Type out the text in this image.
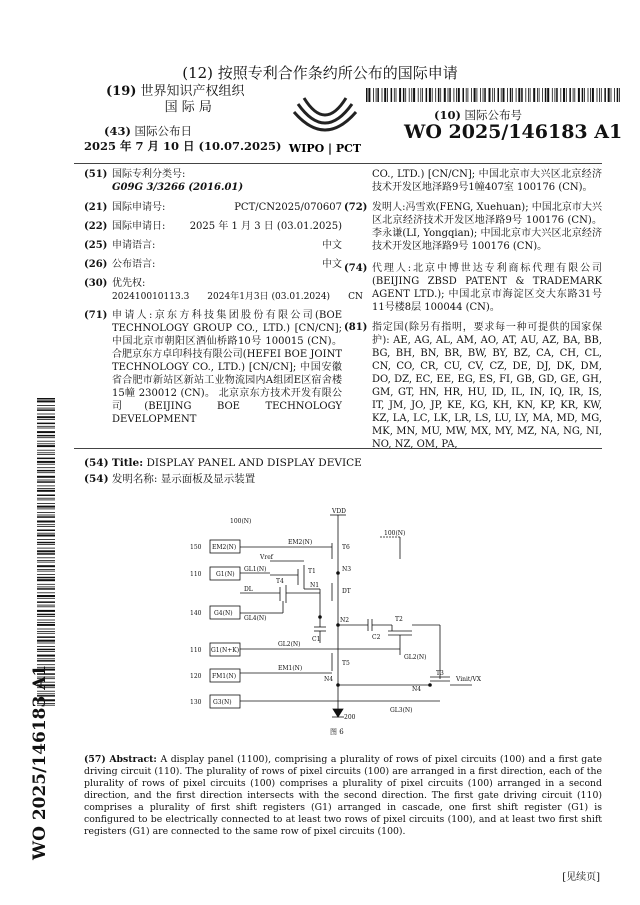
(12) 按照专利合作条约所公布的国际申请
(19) 世界知识产权组织
国 际 局
(43) 国际公布日
2025 年 7 月 10 日 (10.07.2025) WIPO | PCT
(10) 国际公布号
WO 2025/146183 A1
WO 2025/146183 A1
(51) 国际专利分类号:
G09G 3/3266 (2016.01)
(21) 国际申请号:	PCT/CN2025/070607
(22) 国际申请日: 2025 年 1 月 3 日 (03.01.2025)
(25) 申请语言:	中文
(26) 公布语言:	中文
(30) 优先权:
202410010113.3　　2024年1月3日 (03.01.2024)　　CN
(71) 申请人:京东方科技集团股份有限公司(BOE TECHNOLOGY GROUP CO., LTD.) [CN/CN]; 中国北京市朝阳区酒仙桥路10号 100015 (CN)。 合肥京东方卓印科技有限公司(HEFEI BOE JOINT TECHNOLOGY CO., LTD.) [CN/CN]; 中国安徽省合肥市新站区新站工业物流园内A组团E区宿舍楼15幢 230012 (CN)。 北京京东方技术开发有限公司(BEIJING BOE TECHNOLOGY DEVELOPMENT
CO., LTD.) [CN/CN]; 中国北京市大兴区北京经济技术开发区地泽路9号1幢407室 100176 (CN)。
(72) 发明人:冯雪欢(FENG, Xuehuan); 中国北京市大兴区北京经济技术开发区地泽路9号 100176 (CN)。 李永谦(LI, Yongqian); 中国北京市大兴区北京经济技术开发区地泽路9号 100176 (CN)。
(74) 代理人:北京中博世达专利商标代理有限公司(BEIJING ZBSD PATENT & TRADEMARK AGENT LTD.); 中国北京市海淀区交大东路31号11号楼8层 100044 (CN)。
(81) 指定国(除另有指明，要求每一种可提供的国家保护): AE, AG, AL, AM, AO, AT, AU, AZ, BA, BB, BG, BH, BN, BR, BW, BY, BZ, CA, CH, CL, CN, CO, CR, CU, CV, CZ, DE, DJ, DK, DM, DO, DZ, EC, EE, EG, ES, FI, GB, GD, GE, GH, GM, GT, HN, HR, HU, ID, IL, IN, IQ, IR, IS, IT, JM, JO, JP, KE, KG, KH, KN, KP, KR, KW, KZ, LA, LC, LK, LR, LS, LU, LY, MA, MD, MG, MK, MN, MU, MW, MX, MY, MZ, NA, NG, NI, NO, NZ, OM, PA,
(54) Title: DISPLAY PANEL AND DISPLAY DEVICE
(54) 发明名称: 显示面板及显示装置
VDD
100(N)
100(N)
EM2(N)
EM2(N)
G1(N)
GL1(N)
Vref
DL
G4(N)
GL4(N)
G1(N+K)
GL2(N)
GL2(N)
FM1(N)
EM1(N)
G3(N)
GL3(N)
Vinit/VX
T6
T1
T4
N3
N1
DT
N2
C1	C2
T2
T5
N4
N4
T3
200
150
110
140
110
120
130
图 6
(57) Abstract: A display panel (1100), comprising a plurality of rows of pixel circuits (100) and a first gate driving circuit (110). The plurality of rows of pixel circuits (100) are arranged in a first direction, each of the plurality of rows of pixel circuits (100) comprises a plurality of pixel circuits (100) arranged in a second direction, and the first direction intersects with the second direction. The first gate driving circuit (110) comprises a plurality of first shift registers (G1) arranged in cascade, one first shift register (G1) is configured to be electrically connected to at least two rows of pixel circuits (100), and at least two first shift registers (G1) are connected to the same row of pixel circuits (100).
[见续页]
